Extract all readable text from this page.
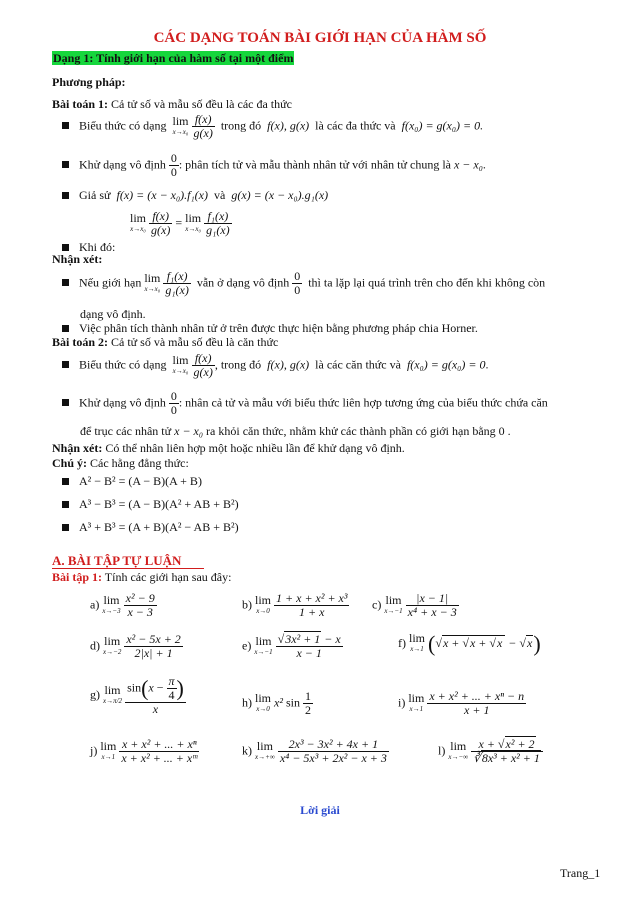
CÁC DẠNG TOÁN BÀI GIỚI HẠN CỦA HÀM SỐ
Dạng 1: Tính giới hạn của hàm số tại một điểm
Phương pháp:
Bài toán 1: Cả tử số và mẫu số đều là các đa thức
Biểu thức có dạng lim
$x\to x_0 \frac{f(x)}{g(x)}$ trong đó f(x), g(x) là các đa thức và f(x₀) = g(x₀) = 0.
Khử dạng vô định $\frac{0}{0}$ : phân tích tử và mẫu thành nhân tử với nhân tử chung là x − x₀.
Giả sử f(x) = (x − x₀).f₁(x) và g(x) = (x − x₀).g₁(x)
Khi đó:
lim
$x\to x_0 \frac{f(x)}{g(x)} = \lim$
$x\to x_0 \frac{\text{f₁(x)}}{\text{g₁(x)}}$
Nhận xét:
Nếu giới hạn lim
$x\to x_0 \frac{\text{f₁(x)}}{\text{g₁(x)}}$ vẫn ở dạng vô định $\frac{0}{0}$ thì ta lặp lại quá trình trên cho đến khi không còn
dạng vô định.
Việc phân tích thành nhân tử ở trên được thực hiện bằng phương pháp chia Horner.
Bài toán 2: Cả tử số và mẫu số đều là căn thức
Biểu thức có dạng lim
$x\to x_0 \frac{f(x)}{g(x)}$ , trong đó f(x), g(x) là các căn thức và f(x₀) = g(x₀) = 0.
Khử dạng vô định $\frac{0}{0}$ : nhân cả tử và mẫu với biểu thức liên hợp tương ứng của biểu thức chứa căn
để trục các nhân tử x − x₀ ra khỏi căn thức, nhằm khử các thành phần có giới hạn bằng 0 .
Nhận xét: Có thể nhân liên hợp một hoặc nhiều lần để khử dạng vô định.
Chú ý: Các hằng đẳng thức:
A² − B² = (A − B)(A + B)
A³ − B³ = (A − B)(A² + AB + B²)
A³ + B³ = (A + B)(A² − AB + B²)
A. BÀI TẬP TỰ LUẬN
Bài tập 1: Tính các giới hạn sau đây:
a) lim
$x\to-3 \frac{\text{x² − 9}}{x - 3}$	b) lim
$x\to 0 \frac{\text{1 + x + x² + x³}}{1 + x} c$) lim
$x\to-1 \frac{|x - 1|}{\text{x⁴ + x − 3}}$
d) lim
$x\to-2 \frac{\text{x² − 5x + 2}}{2|x| + 1}$	e) lim
$x\to-1 \frac{\text{√3x² + 1 − x}}{x - 1}$	f) lim
x→1 (√x + √x + √x − √x)
g) lim
$x\to\pi/2 \frac{\sin(x - \frac{\pi}{4} )}{x}$	h) lim
x→0 x² $\sin \frac{1}{2}$	i) lim
$x\to 1 \frac{\text{x + x² + ... + xⁿ − n}}{x + 1}$
j) lim
$x\to 1 \frac{\text{x + x² + ... + xⁿ}}{\text{x + x² + ... + xᵐ}}$	k) lim
$x\to+\infty \frac{\text{2x³ − 3x² + 4x + 1}}{\text{x⁴ − 5x³ + 2x² − x + 3}}$	l) lim
$x\to-\infty \frac{\text{x + √x² + 2}}{\text{∛8x³ + x² + 1}}$
Lời giải
Trang_1
